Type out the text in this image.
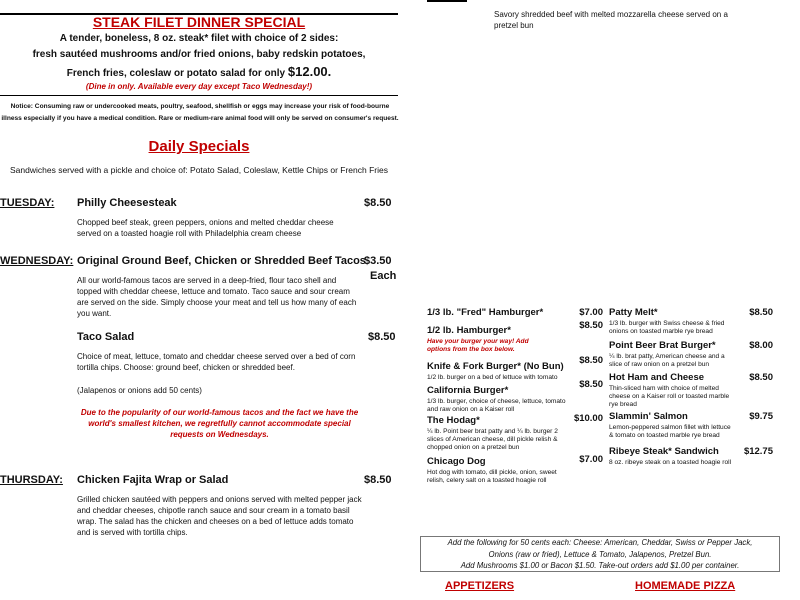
STEAK FILET DINNER SPECIAL
A tender, boneless, 8 oz. steak* filet with choice of 2 sides:
fresh sautéed mushrooms and/or fried onions, baby redskin potatoes,
French fries, coleslaw or potato salad for only $12.00.
(Dine in only. Available every day except Taco Wednesday!)
Notice: Consuming raw or undercooked meats, poultry, seafood, shellfish or eggs may increase your risk of food-bourne illness especially if you have a medical condition. Rare or medium-rare animal food will only be served on consumer's request.
Daily Specials
Sandwiches served with a pickle and choice of: Potato Salad, Coleslaw, Kettle Chips or French Fries
TUESDAY: Philly Cheesesteak	$8.50
Chopped beef steak, green peppers, onions and melted cheddar cheese served on a toasted hoagie roll with Philadelphia cream cheese
WEDNESDAY: Original Ground Beef, Chicken or Shredded Beef Tacos
$3.50
Each
All our world-famous tacos are served in a deep-fried, flour taco shell and topped with cheddar cheese, lettuce and tomato. Taco sauce and sour cream are served on the side. Simply choose your meat and tell us how many of each you want.
Taco Salad	$8.50
Choice of meat, lettuce, tomato and cheddar cheese served over a bed of corn tortilla chips. Choose: ground beef, chicken or shredded beef.
(Jalapenos or onions add 50 cents)
Due to the popularity of our world-famous tacos and the fact we have the world's smallest kitchen, we regretfully cannot accommodate special requests on Wednesdays.
THURSDAY: Chicken Fajita Wrap or Salad	$8.50
Grilled chicken sautéed with peppers and onions served with melted pepper jack and cheddar cheeses, chipotle ranch sauce and sour cream in a tomato basil wrap. The salad has the chicken and cheeses on a bed of lettuce adds tomato and is served with tortilla chips.
Savory shredded beef with melted mozzarella cheese served on a pretzel bun
1/3 lb. "Fred" Hamburger*	$7.00
1/2 lb. Hamburger*	$8.50
Have your burger your way! Add options from the box below.
Knife & Fork Burger* (No Bun)
$8.50
1/2 lb. burger on a bed of lettuce with tomato
California Burger*
$8.50
1/3 lb. burger, choice of cheese, lettuce, tomato and raw onion on a Kaiser roll
The Hodag*	$10.00
¼ lb. Point beer brat patty and ¼ lb. burger 2 slices of American cheese, dill pickle relish & chopped onion on a pretzel bun
Chicago Dog	$7.00
Hot dog with tomato, dill pickle, onion, sweet relish, celery salt on a toasted hoagie roll
Patty Melt*	$8.50
1/3 lb. burger with Swiss cheese & fried onions on toasted marble rye bread
Point Beer Brat Burger*	$8.00
¼ lb. brat patty, American cheese and a slice of raw onion on a pretzel bun
Hot Ham and Cheese	$8.50
Thin-sliced ham with choice of melted cheese on a Kaiser roll or toasted marble rye bread
Slammin' Salmon	$9.75
Lemon-peppered salmon fillet with lettuce & tomato on toasted marble rye bread
Ribeye Steak* Sandwich	$12.75
8 oz. ribeye steak on a toasted hoagie roll
Add the following for 50 cents each: Cheese: American, Cheddar, Swiss or Pepper Jack,
Onions (raw or fried), Lettuce & Tomato, Jalapenos, Pretzel Bun.
Add Mushrooms $1.00 or Bacon $1.50. Take-out orders add $1.00 per container.
APPETIZERS	HOMEMADE PIZZA
